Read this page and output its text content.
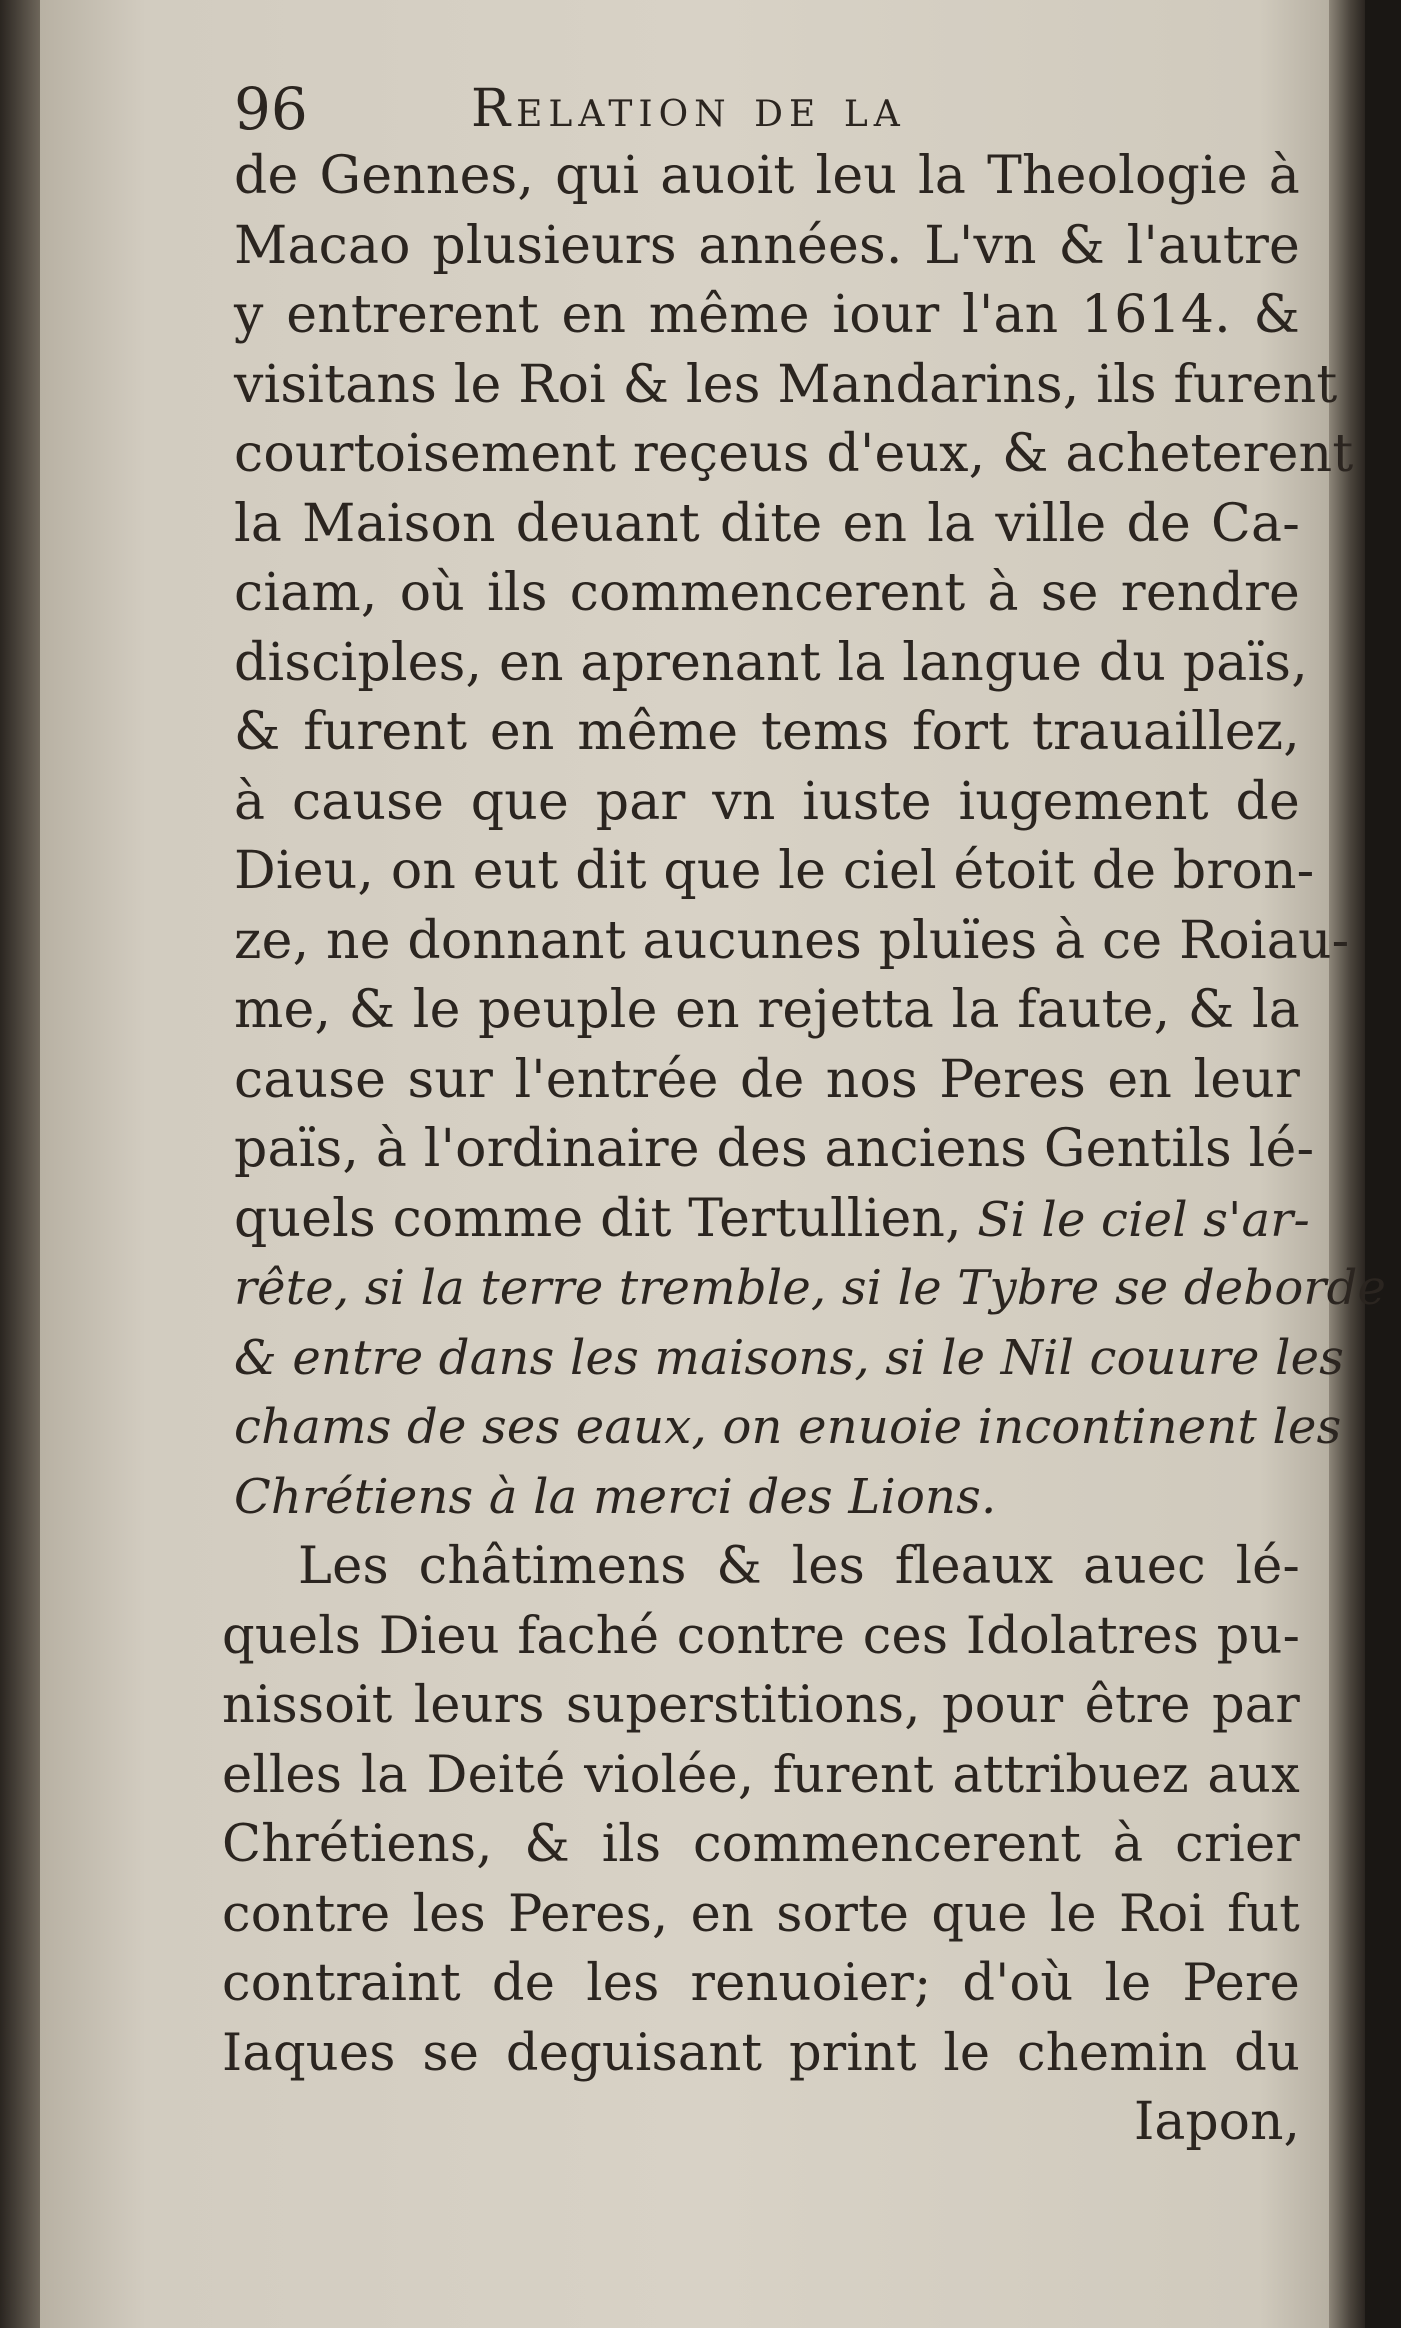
96	Relation de la
de Gennes, qui auoit leu la Theologie à
Macao plusieurs années. L'vn & l'autre
y entrerent en même iour l'an 1614. &
visitans le Roi & les Mandarins, ils furent
courtoisement reçeus d'eux, & acheterent
la Maison deuant dite en la ville de Ca-
ciam, où ils commencerent à se rendre
disciples, en aprenant la langue du païs,
& furent en même tems fort trauaillez,
à cause que par vn iuste iugement de
Dieu, on eut dit que le ciel étoit de bron-
ze, ne donnant aucunes pluïes à ce Roiau-
me, & le peuple en rejetta la faute, & la
cause sur l'entrée de nos Peres en leur
païs, à l'ordinaire des anciens Gentils lé-
quels comme dit Tertullien, Si le ciel s'ar-
rête, si la terre tremble, si le Tybre se deborde
& entre dans les maisons, si le Nil couure les
chams de ses eaux, on enuoie incontinent les
Chrétiens à la merci des Lions.
Les châtimens & les fleaux auec lé-
quels Dieu faché contre ces Idolatres pu-
nissoit leurs superstitions, pour être par
elles la Deité violée, furent attribuez aux
Chrétiens, & ils commencerent à crier
contre les Peres, en sorte que le Roi fut
contraint de les renuoier; d'où le Pere
Iaques se deguisant print le chemin du
Iapon,
